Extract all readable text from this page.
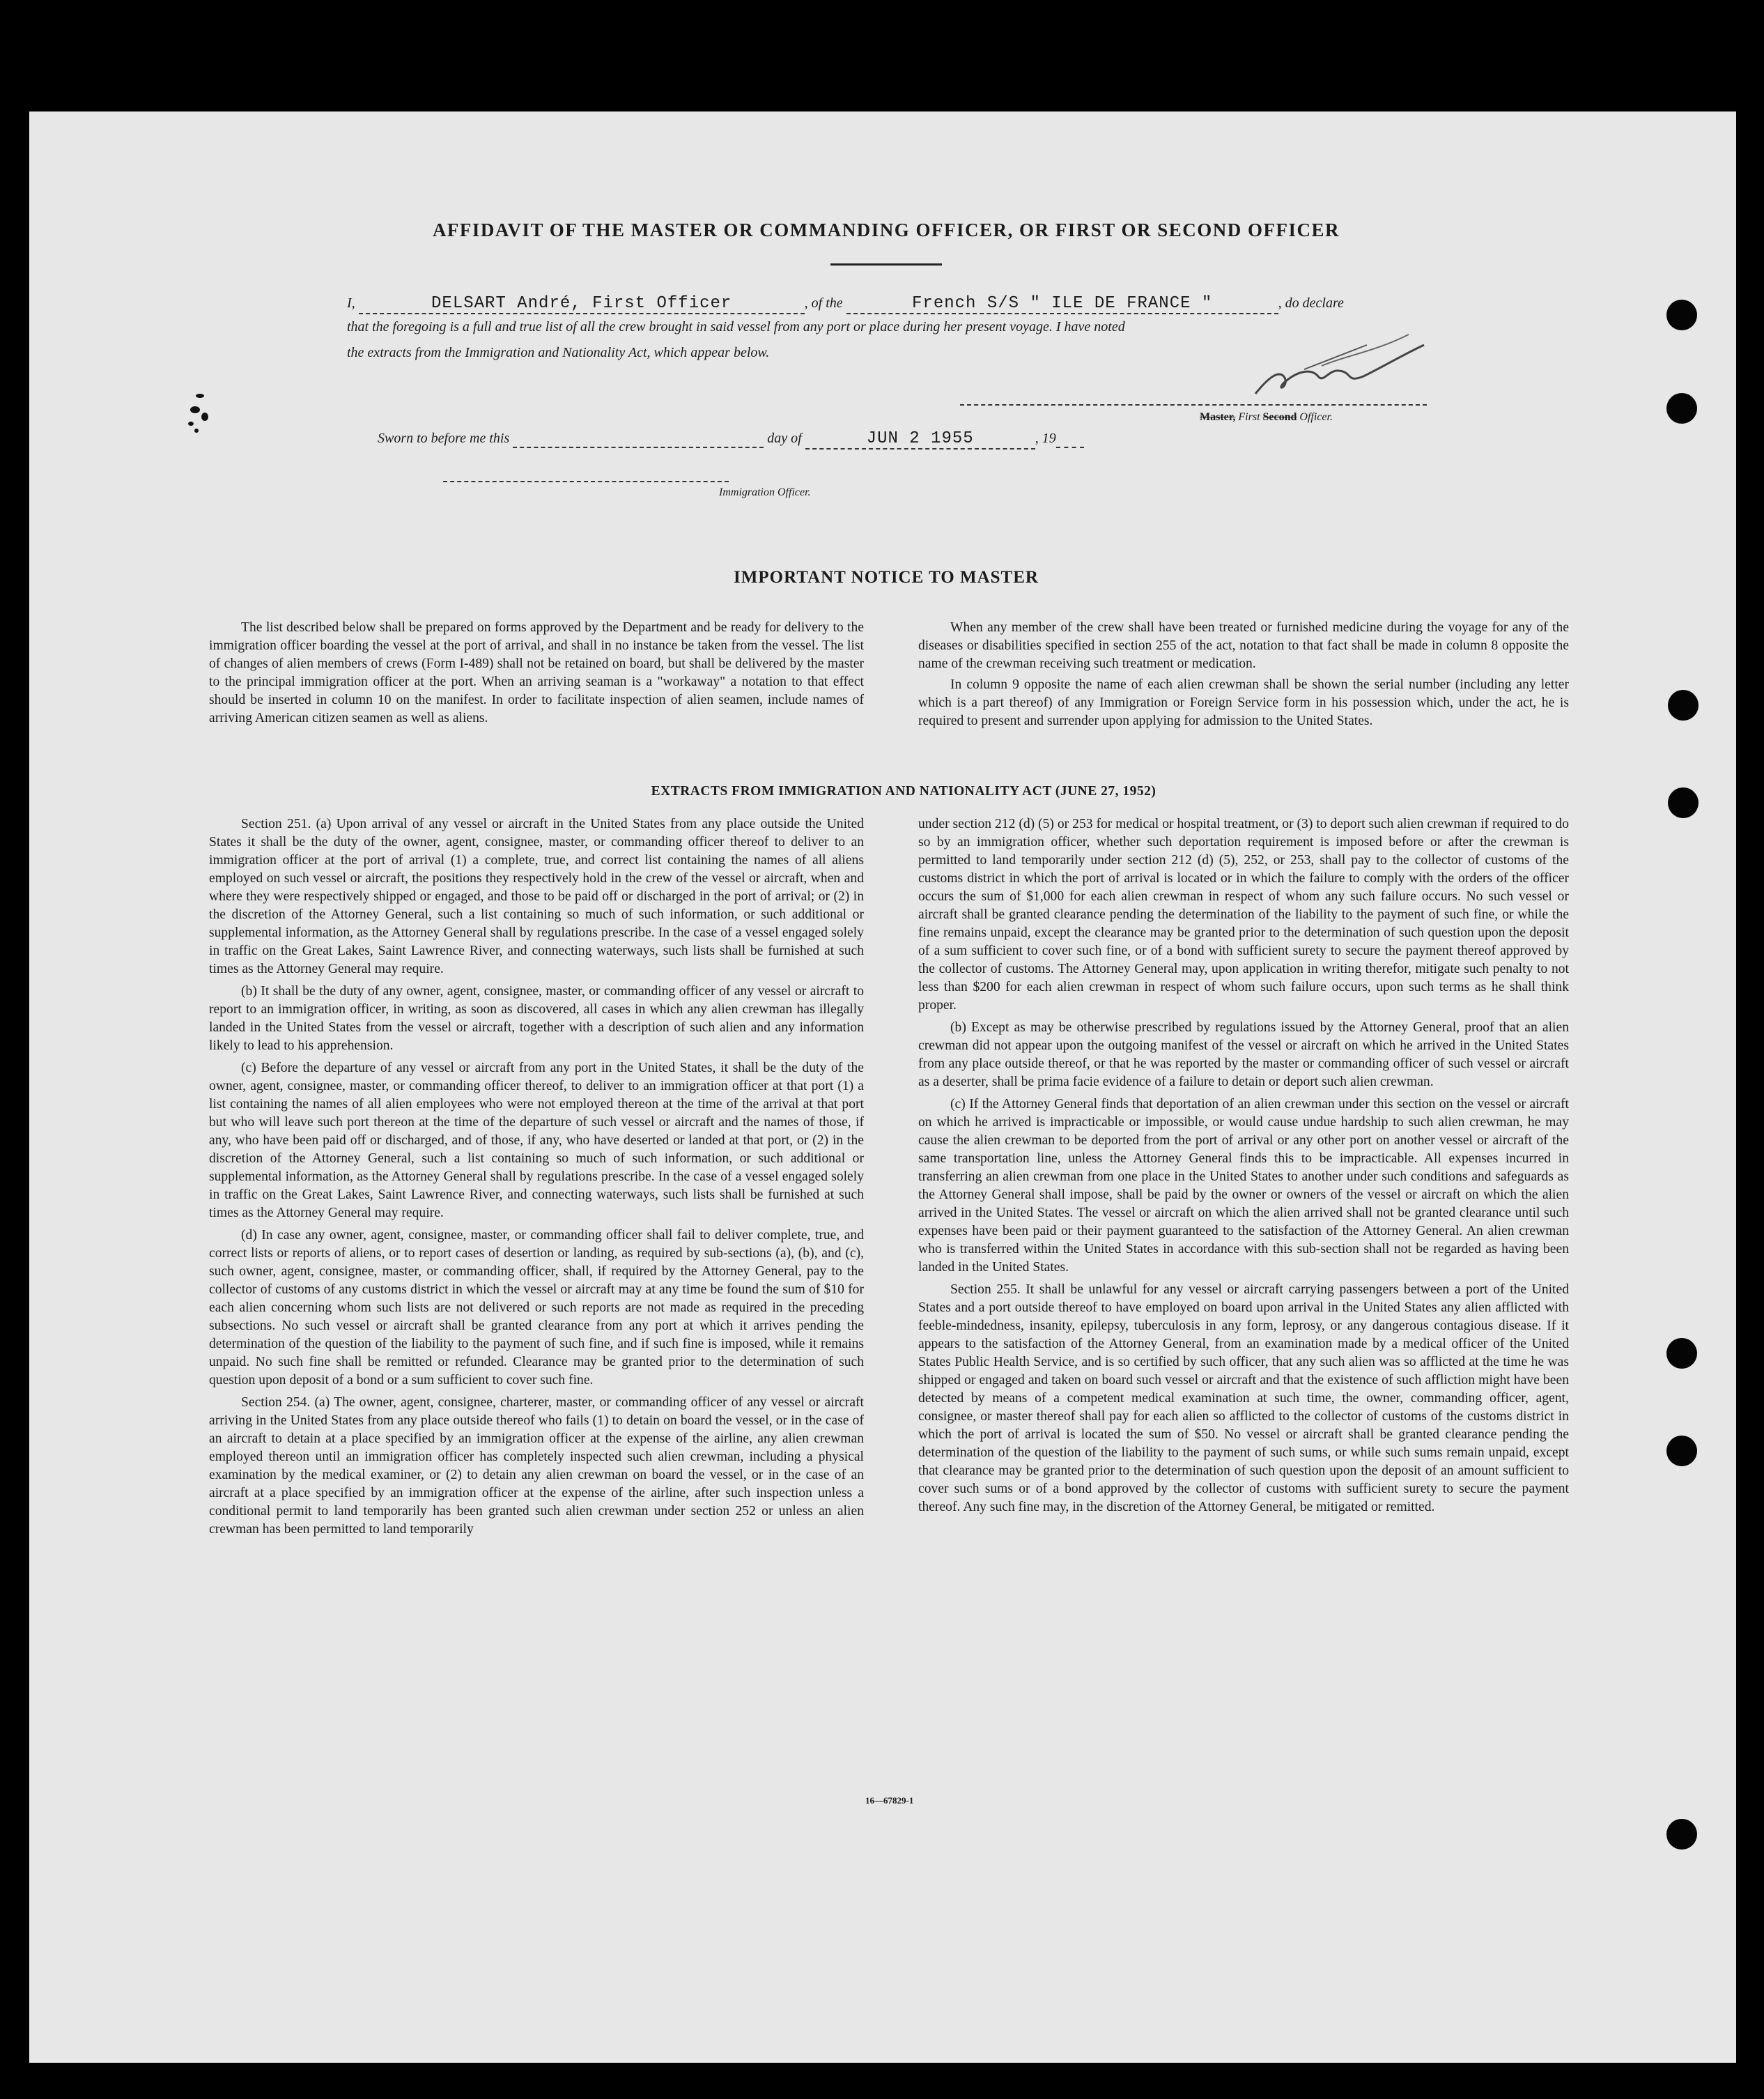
AFFIDAVIT OF THE MASTER OR COMMANDING OFFICER, OR FIRST OR SECOND OFFICER
I,	DELSART André, First Officer	, of the	French S/S " ILE DE FRANCE "	, do declare
that the foregoing is a full and true list of all the crew brought in said vessel from any port or place during her present voyage. I have noted
the extracts from the Immigration and Nationality Act, which appear below.
Master, First Second Officer.
Sworn to before me this	day of	JUN 2 1955	, 19
Immigration Officer.
IMPORTANT NOTICE TO MASTER

The list described below shall be prepared on forms approved by the Department and be ready for delivery to the immigration officer boarding the vessel at the port of arrival, and shall in no instance be taken from the vessel. The list of changes of alien members of crews (Form I-489) shall not be retained on board, but shall be delivered by the master to the principal immigration officer at the port. When an arriving seaman is a "workaway" a notation to that effect should be inserted in column 10 on the manifest. In order to facilitate inspection of alien seamen, include names of arriving American citizen seamen as well as aliens.

When any member of the crew shall have been treated or furnished medicine during the voyage for any of the diseases or disabilities specified in section 255 of the act, notation to that fact shall be made in column 8 opposite the name of the crewman receiving such treatment or medication.

In column 9 opposite the name of each alien crewman shall be shown the serial number (including any letter which is a part thereof) of any Immigration or Foreign Service form in his possession which, under the act, he is required to present and surrender upon applying for admission to the United States.

EXTRACTS FROM IMMIGRATION AND NATIONALITY ACT (JUNE 27, 1952)

Section 251. (a) Upon arrival of any vessel or aircraft in the United States from any place outside the United States it shall be the duty of the owner, agent, consignee, master, or commanding officer thereof to deliver to an immigration officer at the port of arrival (1) a complete, true, and correct list containing the names of all aliens employed on such vessel or aircraft, the positions they respectively hold in the crew of the vessel or aircraft, when and where they were respectively shipped or engaged, and those to be paid off or discharged in the port of arrival; or (2) in the discretion of the Attorney General, such a list containing so much of such information, or such additional or supplemental information, as the Attorney General shall by regulations prescribe. In the case of a vessel engaged solely in traffic on the Great Lakes, Saint Lawrence River, and connecting waterways, such lists shall be furnished at such times as the Attorney General may require.

(b) It shall be the duty of any owner, agent, consignee, master, or commanding officer of any vessel or aircraft to report to an immigration officer, in writing, as soon as discovered, all cases in which any alien crewman has illegally landed in the United States from the vessel or aircraft, together with a description of such alien and any information likely to lead to his apprehension.

(c) Before the departure of any vessel or aircraft from any port in the United States, it shall be the duty of the owner, agent, consignee, master, or commanding officer thereof, to deliver to an immigration officer at that port (1) a list containing the names of all alien employees who were not employed thereon at the time of the arrival at that port but who will leave such port thereon at the time of the departure of such vessel or aircraft and the names of those, if any, who have been paid off or discharged, and of those, if any, who have deserted or landed at that port, or (2) in the discretion of the Attorney General, such a list containing so much of such information, or such additional or supplemental information, as the Attorney General shall by regulations prescribe. In the case of a vessel engaged solely in traffic on the Great Lakes, Saint Lawrence River, and connecting waterways, such lists shall be furnished at such times as the Attorney General may require.

(d) In case any owner, agent, consignee, master, or commanding officer shall fail to deliver complete, true, and correct lists or reports of aliens, or to report cases of desertion or landing, as required by sub-sections (a), (b), and (c), such owner, agent, consignee, master, or commanding officer, shall, if required by the Attorney General, pay to the collector of customs of any customs district in which the vessel or aircraft may at any time be found the sum of $10 for each alien concerning whom such lists are not delivered or such reports are not made as required in the preceding subsections. No such vessel or aircraft shall be granted clearance from any port at which it arrives pending the determination of the question of the liability to the payment of such fine, and if such fine is imposed, while it remains unpaid. No such fine shall be remitted or refunded. Clearance may be granted prior to the determination of such question upon deposit of a bond or a sum sufficient to cover such fine.

Section 254. (a) The owner, agent, consignee, charterer, master, or commanding officer of any vessel or aircraft arriving in the United States from any place outside thereof who fails (1) to detain on board the vessel, or in the case of an aircraft to detain at a place specified by an immigration officer at the expense of the airline, any alien crewman employed thereon until an immigration officer has completely inspected such alien crewman, including a physical examination by the medical examiner, or (2) to detain any alien crewman on board the vessel, or in the case of an aircraft at a place specified by an immigration officer at the expense of the airline, after such inspection unless a conditional permit to land temporarily has been granted such alien crewman under section 252 or unless an alien crewman has been permitted to land temporarily

under section 212 (d) (5) or 253 for medical or hospital treatment, or (3) to deport such alien crewman if required to do so by an immigration officer, whether such deportation requirement is imposed before or after the crewman is permitted to land temporarily under section 212 (d) (5), 252, or 253, shall pay to the collector of customs of the customs district in which the port of arrival is located or in which the failure to comply with the orders of the officer occurs the sum of $1,000 for each alien crewman in respect of whom any such failure occurs. No such vessel or aircraft shall be granted clearance pending the determination of the liability to the payment of such fine, or while the fine remains unpaid, except the clearance may be granted prior to the determination of such question upon the deposit of a sum sufficient to cover such fine, or of a bond with sufficient surety to secure the payment thereof approved by the collector of customs. The Attorney General may, upon application in writing therefor, mitigate such penalty to not less than $200 for each alien crewman in respect of whom such failure occurs, upon such terms as he shall think proper.

(b) Except as may be otherwise prescribed by regulations issued by the Attorney General, proof that an alien crewman did not appear upon the outgoing manifest of the vessel or aircraft on which he arrived in the United States from any place outside thereof, or that he was reported by the master or commanding officer of such vessel or aircraft as a deserter, shall be prima facie evidence of a failure to detain or deport such alien crewman.

(c) If the Attorney General finds that deportation of an alien crewman under this section on the vessel or aircraft on which he arrived is impracticable or impossible, or would cause undue hardship to such alien crewman, he may cause the alien crewman to be deported from the port of arrival or any other port on another vessel or aircraft of the same transportation line, unless the Attorney General finds this to be impracticable. All expenses incurred in transferring an alien crewman from one place in the United States to another under such conditions and safeguards as the Attorney General shall impose, shall be paid by the owner or owners of the vessel or aircraft on which the alien arrived in the United States. The vessel or aircraft on which the alien arrived shall not be granted clearance until such expenses have been paid or their payment guaranteed to the satisfaction of the Attorney General. An alien crewman who is transferred within the United States in accordance with this sub-section shall not be regarded as having been landed in the United States.

Section 255. It shall be unlawful for any vessel or aircraft carrying passengers between a port of the United States and a port outside thereof to have employed on board upon arrival in the United States any alien afflicted with feeble-mindedness, insanity, epilepsy, tuberculosis in any form, leprosy, or any dangerous contagious disease. If it appears to the satisfaction of the Attorney General, from an examination made by a medical officer of the United States Public Health Service, and is so certified by such officer, that any such alien was so afflicted at the time he was shipped or engaged and taken on board such vessel or aircraft and that the existence of such affliction might have been detected by means of a competent medical examination at such time, the owner, commanding officer, agent, consignee, or master thereof shall pay for each alien so afflicted to the collector of customs of the customs district in which the port of arrival is located the sum of $50. No vessel or aircraft shall be granted clearance pending the determination of the question of the liability to the payment of such sums, or while such sums remain unpaid, except that clearance may be granted prior to the determination of such question upon the deposit of an amount sufficient to cover such sums or of a bond approved by the collector of customs with sufficient surety to secure the payment thereof. Any such fine may, in the discretion of the Attorney General, be mitigated or remitted.

16—67829-1
